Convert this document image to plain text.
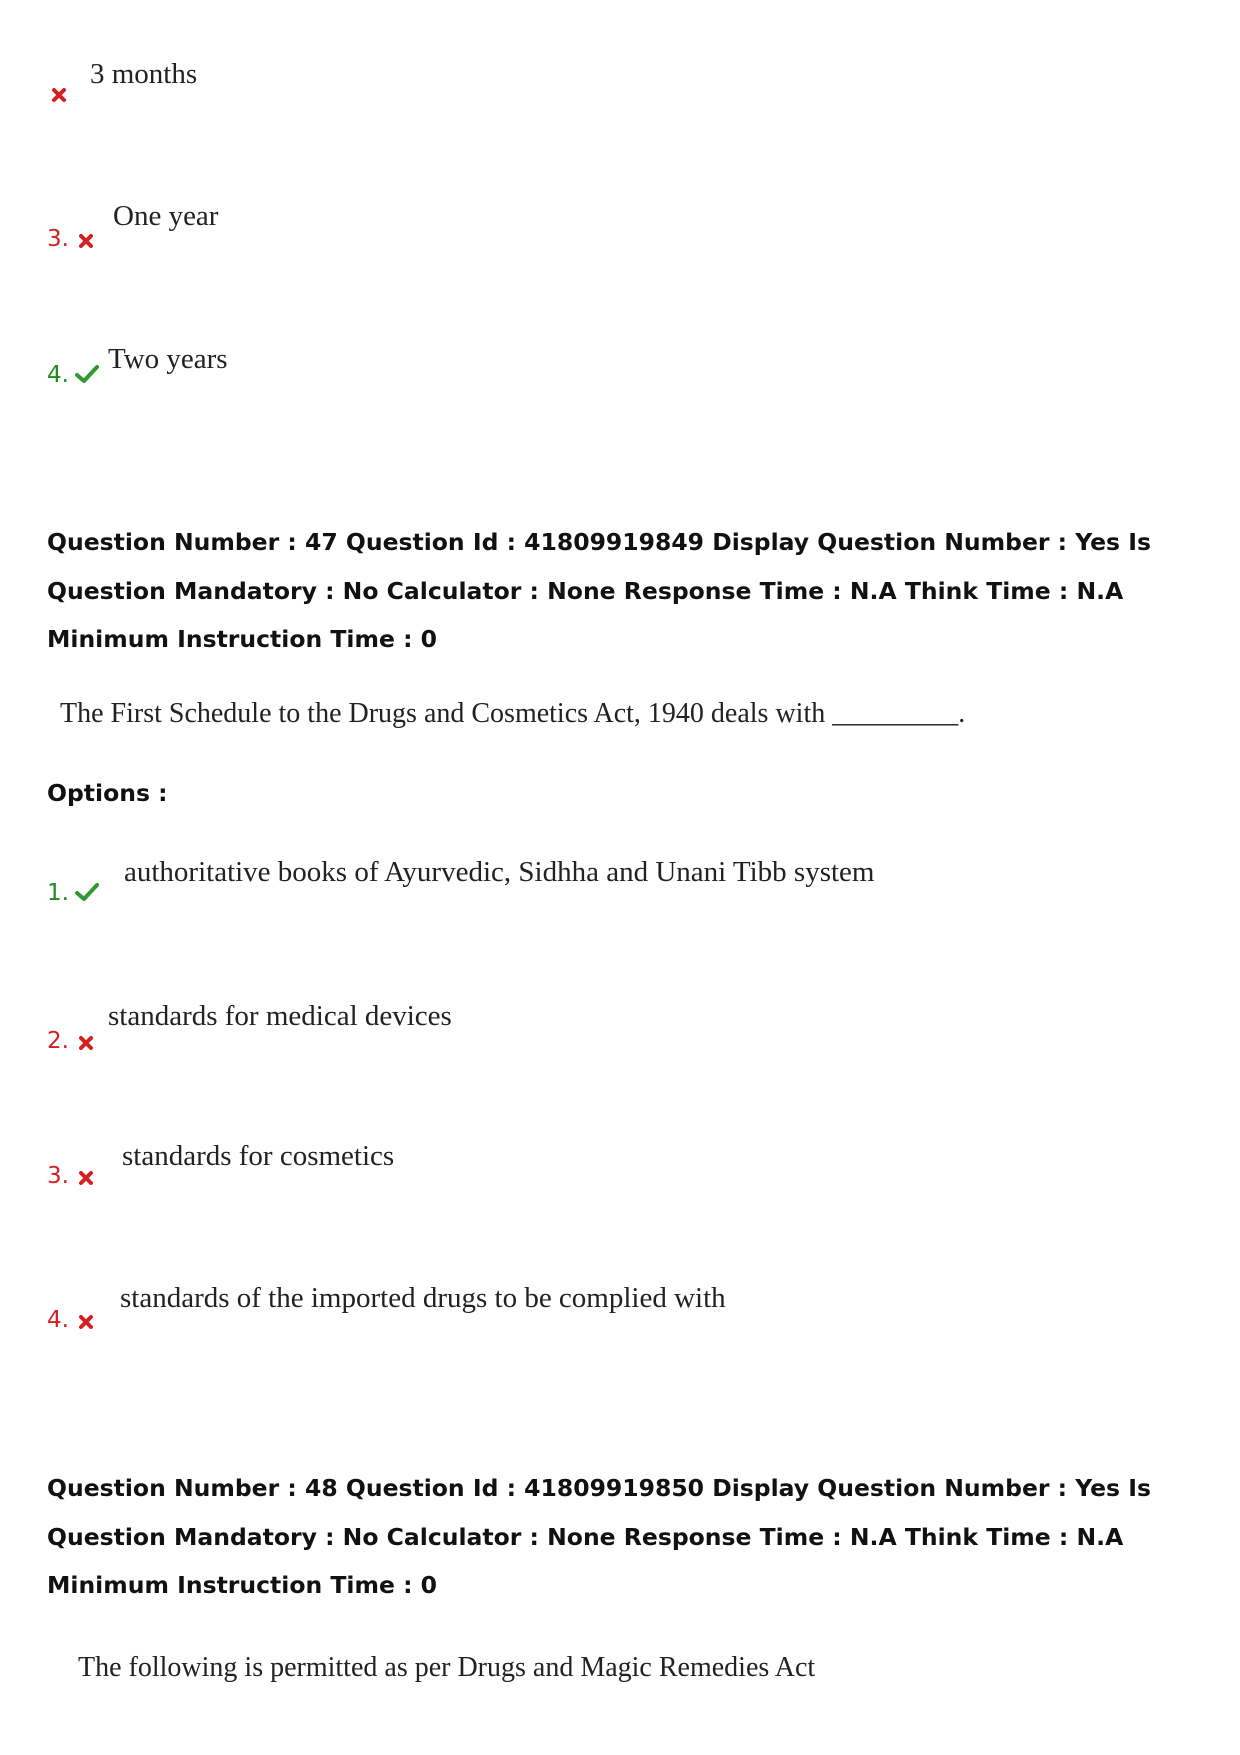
3 months
3.
One year
4. Two years
Question Number : 47 Question Id : 41809919849 Display Question Number : Yes Is Question Mandatory : No Calculator : None Response Time : N.A Think Time : N.A Minimum Instruction Time : 0
The First Schedule to the Drugs and Cosmetics Act, 1940 deals with _________.
Options :
1.
authoritative books of Ayurvedic, Sidhha and Unani Tibb system
2.
standards for medical devices
3.
standards for cosmetics
4.
standards of the imported drugs to be complied with
Question Number : 48 Question Id : 41809919850 Display Question Number : Yes Is Question Mandatory : No Calculator : None Response Time : N.A Think Time : N.A Minimum Instruction Time : 0
The following is permitted as per Drugs and Magic Remedies Act
